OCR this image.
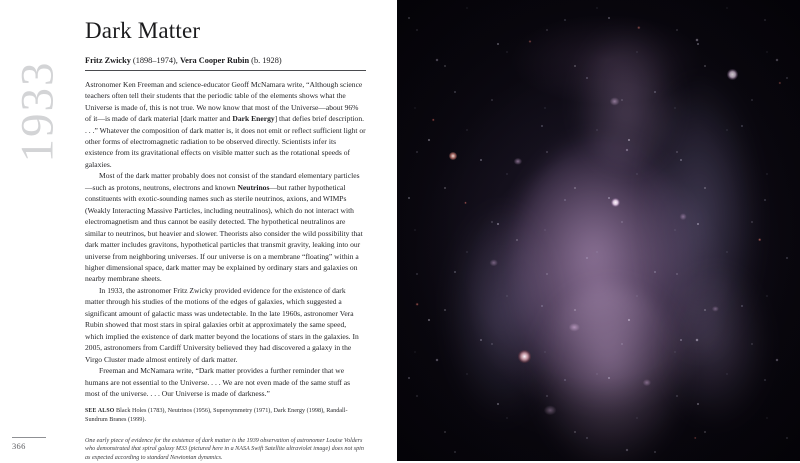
1933
Dark Matter
Fritz Zwicky (1898–1974), Vera Cooper Rubin (b. 1928)

Astronomer Ken Freeman and science-educator Geoff McNamara write, “Although science teachers often tell their students that the periodic table of the elements shows what the Universe is made of, this is not true. We now know that most of the Universe—about 96% of it—is made of dark material [dark matter and Dark Energy] that defies brief description. . . .” Whatever the composition of dark matter is, it does not emit or reflect sufficient light or other forms of electromagnetic radiation to be observed directly. Scientists infer its existence from its gravitational effects on visible matter such as the rotational speeds of galaxies.

Most of the dark matter probably does not consist of the standard elementary particles—such as protons, neutrons, electrons and known Neutrinos—but rather hypothetical constituents with exotic-sounding names such as sterile neutrinos, axions, and WIMPs (Weakly Interacting Massive Particles, including neutralinos), which do not interact with electromagnetism and thus cannot be easily detected. The hypothetical neutralinos are similar to neutrinos, but heavier and slower. Theorists also consider the wild possibility that dark matter includes gravitons, hypothetical particles that transmit gravity, leaking into our universe from neighboring universes. If our universe is on a membrane “floating” within a higher dimensional space, dark matter may be explained by ordinary stars and galaxies on nearby membrane sheets.

In 1933, the astronomer Fritz Zwicky provided evidence for the existence of dark matter through his studies of the motions of the edges of galaxies, which suggested a significant amount of galactic mass was undetectable. In the late 1960s, astronomer Vera Rubin showed that most stars in spiral galaxies orbit at approximately the same speed, which implied the existence of dark matter beyond the locations of stars in the galaxies. In 2005, astronomers from Cardiff University believed they had discovered a galaxy in the Virgo Cluster made almost entirely of dark matter.

Freeman and McNamara write, “Dark matter provides a further reminder that we humans are not essential to the Universe. . . . We are not even made of the same stuff as most of the universe. . . . Our Universe is made of darkness.”

SEE ALSO Black Holes (1783), Neutrinos (1956), Supersymmetry (1971), Dark Energy (1998), Randall-Sundrum Branes (1999).
One early piece of evidence for the existence of dark matter is the 1939 observation of astronomer Louise Volders who demonstrated that spiral galaxy M33 (pictured here in a NASA Swift Satellite ultraviolet image) does not spin as expected according to standard Newtonian dynamics.
366
